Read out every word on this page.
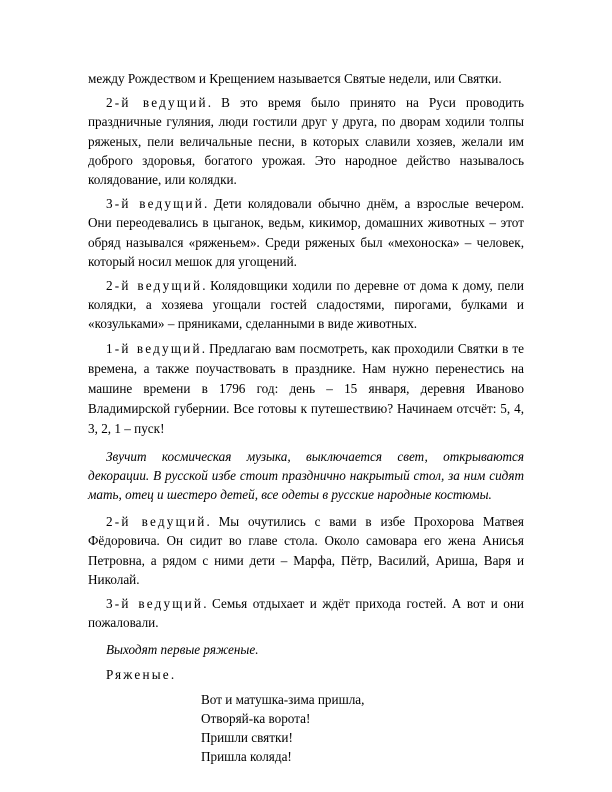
между Рождеством и Крещением называется Святые недели, или Святки.

2-й ведущий. В это время было принято на Руси проводить праздничные гуляния, люди гостили друг у друга, по дворам ходили толпы ряженых, пели величальные песни, в которых славили хозяев, желали им доброго здоровья, богатого урожая. Это народное действо называлось колядование, или колядки.

3-й ведущий. Дети колядовали обычно днём, а взрослые вечером. Они переодевались в цыганок, ведьм, кикимор, домашних животных – этот обряд назывался «ряженьем». Среди ряженых был «мехоноска» – человек, который носил мешок для угощений.

2-й ведущий. Колядовщики ходили по деревне от дома к дому, пели колядки, а хозяева угощали гостей сладостями, пирогами, булками и «козульками» – пряниками, сделанными в виде животных.

1-й ведущий. Предлагаю вам посмотреть, как проходили Святки в те времена, а также поучаствовать в празднике. Нам нужно перенестись на машине времени в 1796 год: день – 15 января, деревня Иваново Владимирской губернии. Все готовы к путешествию? Начинаем отсчёт: 5, 4, 3, 2, 1 – пуск!

Звучит космическая музыка, выключается свет, открываются декорации. В русской избе стоит празднично накрытый стол, за ним сидят мать, отец и шестеро детей, все одеты в русские народные костюмы.

2-й ведущий. Мы очутились с вами в избе Прохорова Матвея Фёдоровича. Он сидит во главе стола. Около самовара его жена Анисья Петровна, а рядом с ними дети – Марфа, Пётр, Василий, Ариша, Варя и Николай.

3-й ведущий. Семья отдыхает и ждёт прихода гостей. А вот и они пожаловали.

Выходят первые ряженые.

Ряженые.

Вот и матушка-зима пришла,
Отворяй-ка ворота!
Пришли святки!
Пришла коляда!
